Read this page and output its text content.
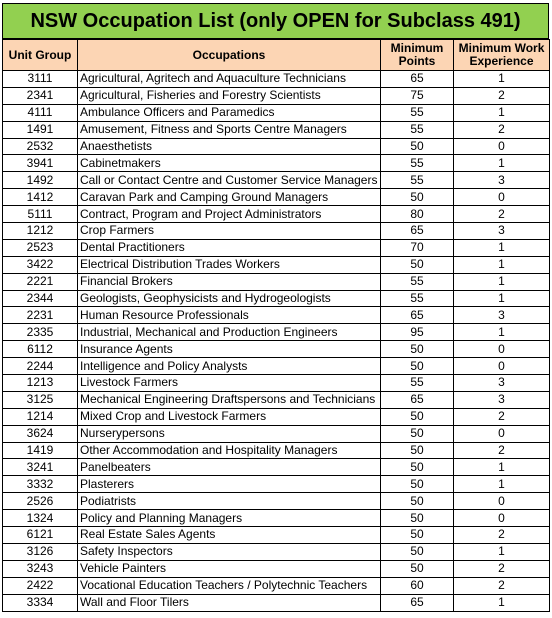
NSW Occupation List (only OPEN for Subclass 491)
Unit Group	Occupations	Minimum Points	Minimum Work Experience
3111	Agricultural, Agritech and Aquaculture Technicians	65	1
2341	Agricultural, Fisheries and Forestry Scientists	75	2
4111	Ambulance Officers and Paramedics	55	1
1491	Amusement, Fitness and Sports Centre Managers	55	2
2532	Anaesthetists	50	0
3941	Cabinetmakers	55	1
1492	Call or Contact Centre and Customer Service Managers	55	3
1412	Caravan Park and Camping Ground Managers	50	0
5111	Contract, Program and Project Administrators	80	2
1212	Crop Farmers	65	3
2523	Dental Practitioners	70	1
3422	Electrical Distribution Trades Workers	50	1
2221	Financial Brokers	55	1
2344	Geologists, Geophysicists and Hydrogeologists	55	1
2231	Human Resource Professionals	65	3
2335	Industrial, Mechanical and Production Engineers	95	1
6112	Insurance Agents	50	0
2244	Intelligence and Policy Analysts	50	0
1213	Livestock Farmers	55	3
3125	Mechanical Engineering Draftspersons and Technicians	65	3
1214	Mixed Crop and Livestock Farmers	50	2
3624	Nurserypersons	50	0
1419	Other Accommodation and Hospitality Managers	50	2
3241	Panelbeaters	50	1
3332	Plasterers	50	1
2526	Podiatrists	50	0
1324	Policy and Planning Managers	50	0
6121	Real Estate Sales Agents	50	2
3126	Safety Inspectors	50	1
3243	Vehicle Painters	50	2
2422	Vocational Education Teachers / Polytechnic Teachers	60	2
3334	Wall and Floor Tilers	65	1
